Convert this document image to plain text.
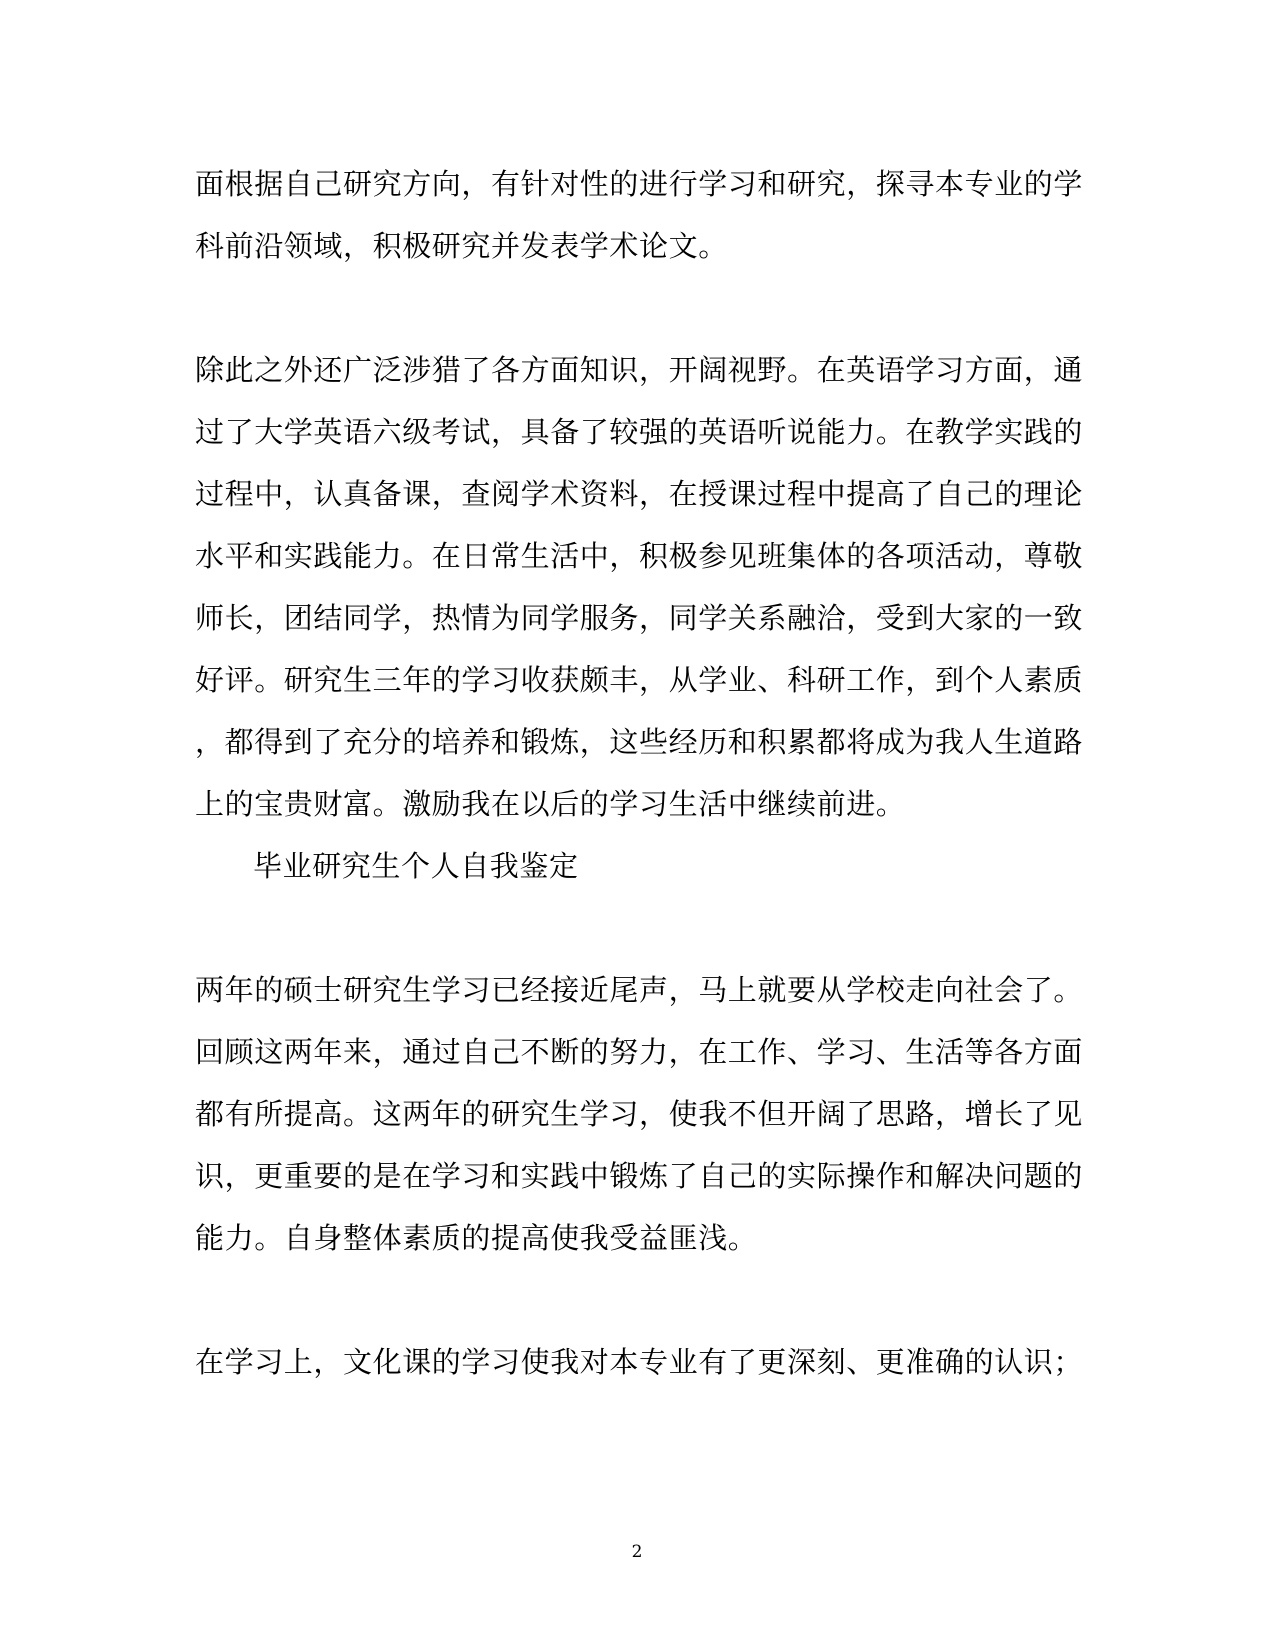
面根据自己研究方向，有针对性的进行学习和研究，探寻本专业的学
科前沿领域，积极研究并发表学术论文。
除此之外还广泛涉猎了各方面知识，开阔视野。在英语学习方面，通
过了大学英语六级考试，具备了较强的英语听说能力。在教学实践的
过程中，认真备课，查阅学术资料，在授课过程中提高了自己的理论
水平和实践能力。在日常生活中，积极参见班集体的各项活动，尊敬
师长，团结同学，热情为同学服务，同学关系融洽，受到大家的一致
好评。研究生三年的学习收获颇丰，从学业、科研工作，到个人素质
，都得到了充分的培养和锻炼，这些经历和积累都将成为我人生道路
上的宝贵财富。激励我在以后的学习生活中继续前进。
毕业研究生个人自我鉴定
两年的硕士研究生学习已经接近尾声，马上就要从学校走向社会了。
回顾这两年来，通过自己不断的努力，在工作、学习、生活等各方面
都有所提高。这两年的研究生学习，使我不但开阔了思路，增长了见
识，更重要的是在学习和实践中锻炼了自己的实际操作和解决问题的
能力。自身整体素质的提高使我受益匪浅。
在学习上，文化课的学习使我对本专业有了更深刻、更准确的认识；
2
